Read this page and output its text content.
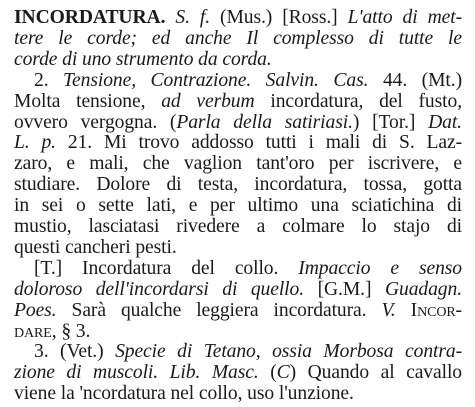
INCORDATURA. S. f. (Mus.) [Ross.] L'atto di met-
tere le corde; ed anche Il complesso di tutte le
corde di uno strumento da corda.
2. Tensione, Contrazione. Salvin. Cas. 44. (Mt.)
Molta tensione, ad verbum incordatura, del fusto,
ovvero vergogna. (Parla della satiriasi.) [Tor.] Dat.
L. p. 21. Mi trovo addosso tutti i mali di S. Laz-
zaro, e mali, che vaglion tant'oro per iscrivere, e
studiare. Dolore di testa, incordatura, tossa, gotta
in sei o sette lati, e per ultimo una sciatichina di
mustio, lasciatasi rivedere a colmare lo stajo di
questi cancheri pesti.
[T.] Incordatura del collo. Impaccio e senso
doloroso dell'incordarsi di quello. [G.M.] Guadagn.
Poes. Sarà qualche leggiera incordatura. V. Incor-
dare, § 3.
3. (Vet.) Specie di Tetano, ossia Morbosa contra-
zione di muscoli. Lib. Masc. (C) Quando al cavallo
viene la 'ncordatura nel collo, uso l'unzione.
